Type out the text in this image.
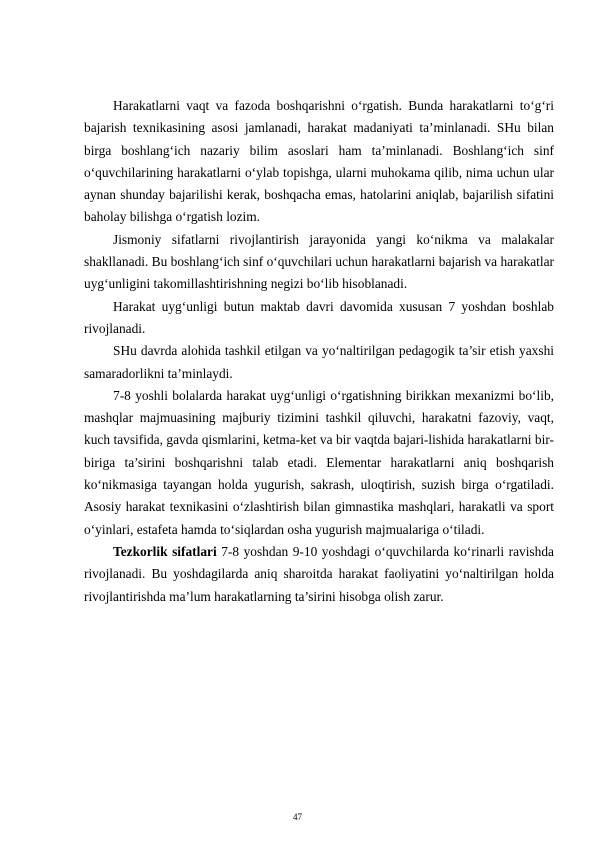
Harakatlarni vaqt va fazoda boshqarishni o‘rgatish. Bunda harakatlarni to‘g‘ri bajarish texnikasining asosi jamlanadi, harakat madaniyati ta’minlanadi. SHu bilan birga boshlang‘ich nazariy bilim asoslari ham ta’minlanadi. Boshlang‘ich sinf o‘quvchilarining harakatlarni o‘ylab topishga, ularni muhokama qilib, nima uchun ular aynan shunday bajarilishi kerak, boshqacha emas, hatolarini aniqlab, bajarilish sifatini baholay bilishga o‘rgatish lozim.

Jismoniy sifatlarni rivojlantirish jarayonida yangi ko‘nikma va malakalar shakllanadi. Bu boshlang‘ich sinf o‘quvchilari uchun harakatlarni bajarish va harakatlar uyg‘unligini takomillashtirishning negizi bo‘lib hisoblanadi.

Harakat uyg‘unligi butun maktab davri davomida xususan 7 yoshdan boshlab rivojlanadi.

SHu davrda alohida tashkil etilgan va yo‘naltirilgan pedagogik ta’sir etish yaxshi samaradorlikni ta’minlaydi.

7-8 yoshli bolalarda harakat uyg‘unligi o‘rgatishning birikkan mexanizmi bo‘lib, mashqlar majmuasining majburiy tizimini tashkil qiluvchi, harakatni fazoviy, vaqt, kuch tavsifida, gavda qismlarini, ketma-ket va bir vaqtda bajari-lishida harakatlarni bir-biriga ta’sirini boshqarishni talab etadi. Elementar harakatlarni aniq boshqarish ko‘nikmasiga tayangan holda yugurish, sakrash, uloqtirish, suzish birga o‘rgatiladi. Asosiy harakat texnikasini o‘zlashtirish bilan gimnastika mashqlari, harakatli va sport o‘yinlari, estafeta hamda to‘siqlardan osha yugurish majmualariga o‘tiladi.

Tezkorlik sifatlari 7-8 yoshdan 9-10 yoshdagi o‘quvchilarda ko‘rinarli ravishda rivojlanadi. Bu yoshdagilarda aniq sharoitda harakat faoliyatini yo‘naltirilgan holda rivojlantirishda ma’lum harakatlarning ta’sirini hisobga olish zarur.

47
